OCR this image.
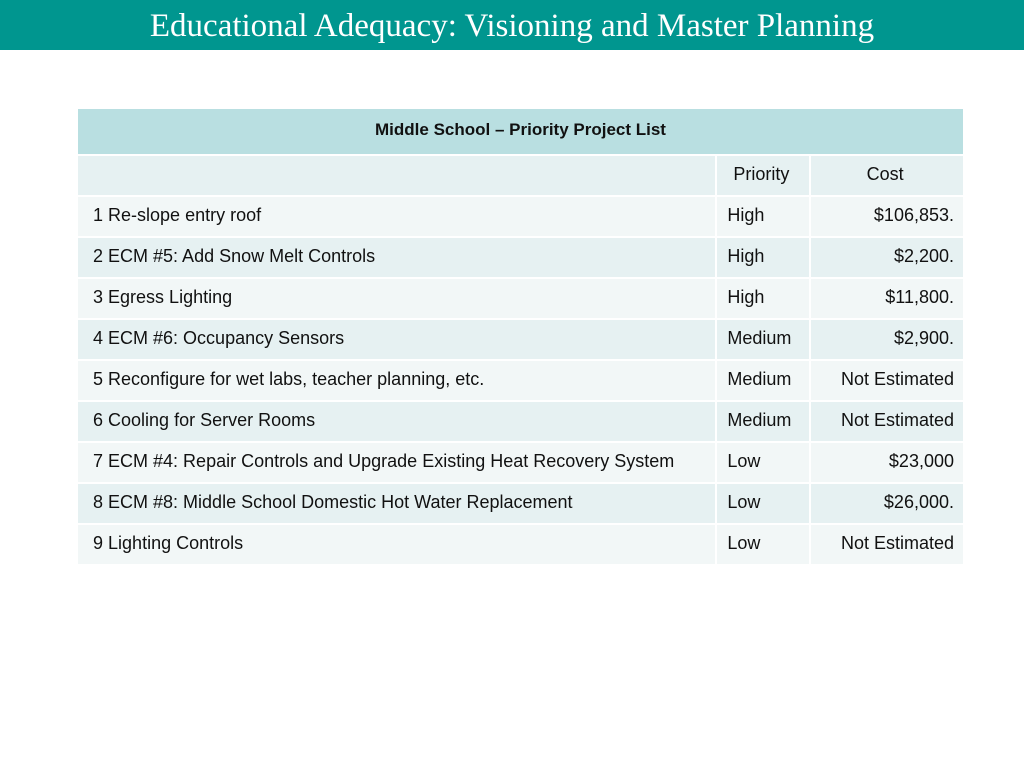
Educational Adequacy: Visioning and Master Planning
Middle School – Priority Project List		
	Priority	Cost
1 Re-slope entry roof	High	$106,853.
2 ECM #5: Add Snow Melt Controls	High	$2,200.
3 Egress Lighting	High	$11,800.
4 ECM #6: Occupancy Sensors	Medium	$2,900.
5 Reconfigure for wet labs, teacher planning, etc.	Medium	Not Estimated
6 Cooling for Server Rooms	Medium	Not Estimated
7 ECM #4: Repair Controls and Upgrade Existing Heat Recovery System	Low	$23,000
8 ECM #8: Middle School Domestic Hot Water Replacement	Low	$26,000.
9 Lighting Controls	Low	Not Estimated
